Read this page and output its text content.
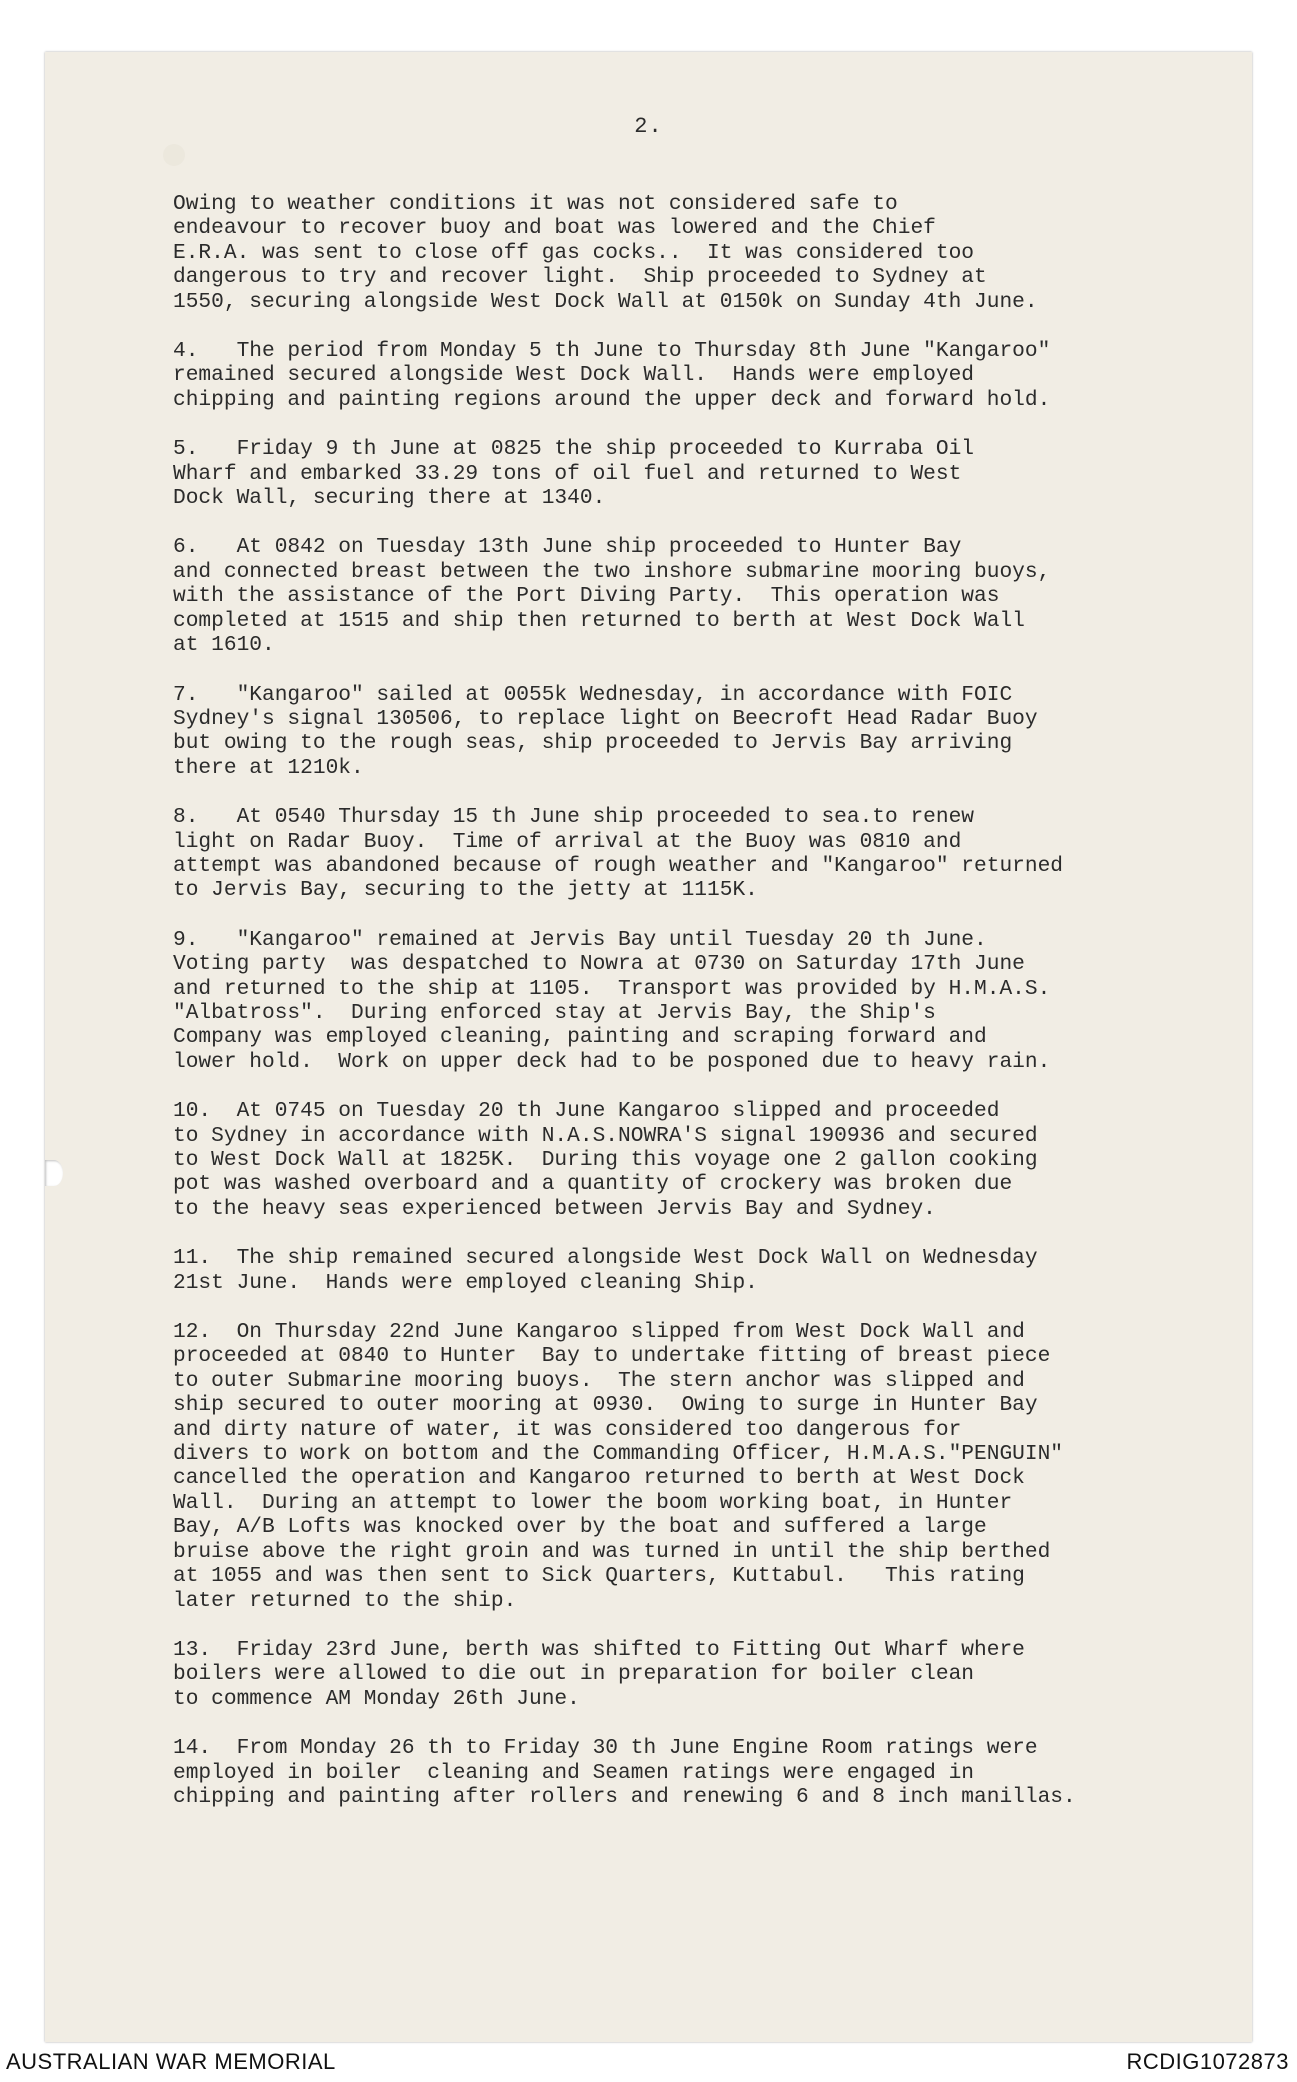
2.

Owing to weather conditions it was not considered safe to
endeavour to recover buoy and boat was lowered and the Chief
E.R.A. was sent to close off gas cocks..  It was considered too
dangerous to try and recover light.  Ship proceeded to Sydney at
1550, securing alongside West Dock Wall at 0150k on Sunday 4th June.

4.   The period from Monday 5 th June to Thursday 8th June "Kangaroo"
remained secured alongside West Dock Wall.  Hands were employed
chipping and painting regions around the upper deck and forward hold.

5.   Friday 9 th June at 0825 the ship proceeded to Kurraba Oil
Wharf and embarked 33.29 tons of oil fuel and returned to West
Dock Wall, securing there at 1340.

6.   At 0842 on Tuesday 13th June ship proceeded to Hunter Bay
and connected breast between the two inshore submarine mooring buoys,
with the assistance of the Port Diving Party.  This operation was
completed at 1515 and ship then returned to berth at West Dock Wall
at 1610.

7.   "Kangaroo" sailed at 0055k Wednesday, in accordance with FOIC
Sydney's signal 130506, to replace light on Beecroft Head Radar Buoy
but owing to the rough seas, ship proceeded to Jervis Bay arriving
there at 1210k.

8.   At 0540 Thursday 15 th June ship proceeded to sea.to renew
light on Radar Buoy.  Time of arrival at the Buoy was 0810 and
attempt was abandoned because of rough weather and "Kangaroo" returned
to Jervis Bay, securing to the jetty at 1115K.

9.   "Kangaroo" remained at Jervis Bay until Tuesday 20 th June.
Voting party  was despatched to Nowra at 0730 on Saturday 17th June
and returned to the ship at 1105.  Transport was provided by H.M.A.S.
"Albatross".  During enforced stay at Jervis Bay, the Ship's
Company was employed cleaning, painting and scraping forward and
lower hold.  Work on upper deck had to be posponed due to heavy rain.

10.  At 0745 on Tuesday 20 th June Kangaroo slipped and proceeded
to Sydney in accordance with N.A.S.NOWRA'S signal 190936 and secured
to West Dock Wall at 1825K.  During this voyage one 2 gallon cooking
pot was washed overboard and a quantity of crockery was broken due
to the heavy seas experienced between Jervis Bay and Sydney.

11.  The ship remained secured alongside West Dock Wall on Wednesday
21st June.  Hands were employed cleaning Ship.

12.  On Thursday 22nd June Kangaroo slipped from West Dock Wall and
proceeded at 0840 to Hunter  Bay to undertake fitting of breast piece
to outer Submarine mooring buoys.  The stern anchor was slipped and
ship secured to outer mooring at 0930.  Owing to surge in Hunter Bay
and dirty nature of water, it was considered too dangerous for
divers to work on bottom and the Commanding Officer, H.M.A.S."PENGUIN"
cancelled the operation and Kangaroo returned to berth at West Dock
Wall.  During an attempt to lower the boom working boat, in Hunter
Bay, A/B Lofts was knocked over by the boat and suffered a large
bruise above the right groin and was turned in until the ship berthed
at 1055 and was then sent to Sick Quarters, Kuttabul.   This rating
later returned to the ship.

13.  Friday 23rd June, berth was shifted to Fitting Out Wharf where
boilers were allowed to die out in preparation for boiler clean
to commence AM Monday 26th June.

14.  From Monday 26 th to Friday 30 th June Engine Room ratings were
employed in boiler  cleaning and Seamen ratings were engaged in
chipping and painting after rollers and renewing 6 and 8 inch manillas.

AUSTRALIAN WAR MEMORIAL	RCDIG1072873
